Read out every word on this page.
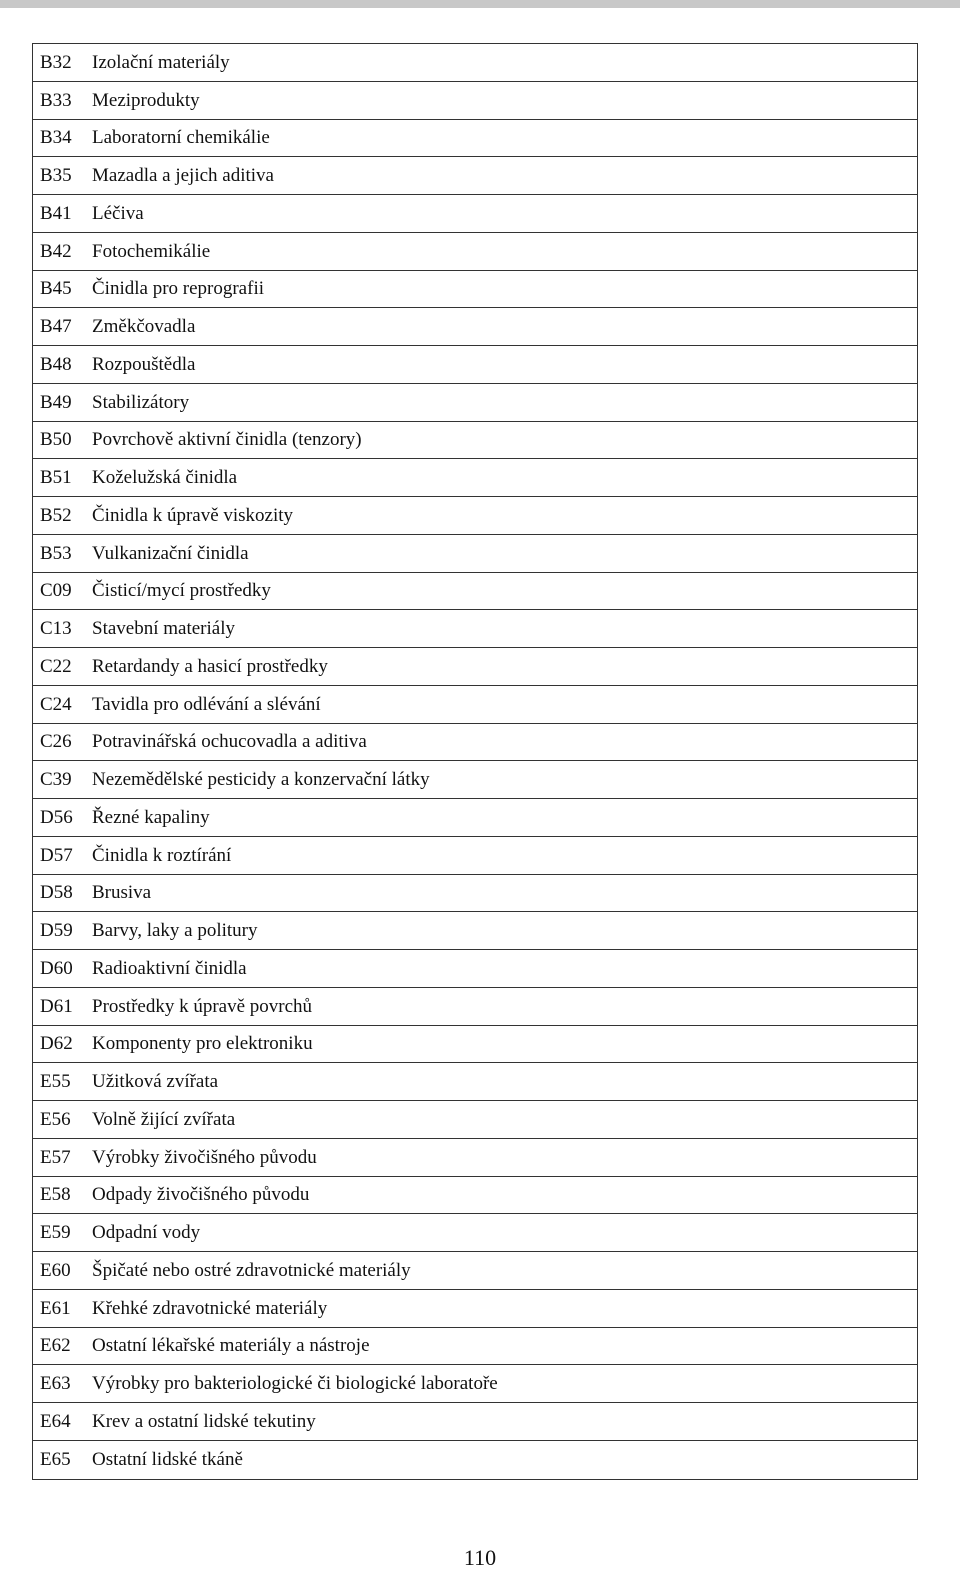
B32	Izolační materiály
B33	Meziprodukty
B34	Laboratorní chemikálie
B35	Mazadla a jejich aditiva
B41	Léčiva
B42	Fotochemikálie
B45	Činidla pro reprografii
B47	Změkčovadla
B48	Rozpouštědla
B49	Stabilizátory
B50	Povrchově aktivní činidla (tenzory)
B51	Koželužská činidla
B52	Činidla k úpravě viskozity
B53	Vulkanizační činidla
C09	Čisticí/mycí prostředky
C13	Stavební materiály
C22	Retardandy a hasicí prostředky
C24	Tavidla pro odlévání a slévání
C26	Potravinářská ochucovadla a aditiva
C39	Nezemědělské pesticidy a konzervační látky
D56	Řezné kapaliny
D57	Činidla k roztírání
D58	Brusiva
D59	Barvy, laky a politury
D60	Radioaktivní činidla
D61	Prostředky k úpravě povrchů
D62	Komponenty pro elektroniku
E55	Užitková zvířata
E56	Volně žijící zvířata
E57	Výrobky živočišného původu
E58	Odpady živočišného původu
E59	Odpadní vody
E60	Špičaté nebo ostré zdravotnické materiály
E61	Křehké zdravotnické materiály
E62	Ostatní lékařské materiály a nástroje
E63	Výrobky pro bakteriologické či biologické laboratoře
E64	Krev a ostatní lidské tekutiny
E65	Ostatní lidské tkáně
110
